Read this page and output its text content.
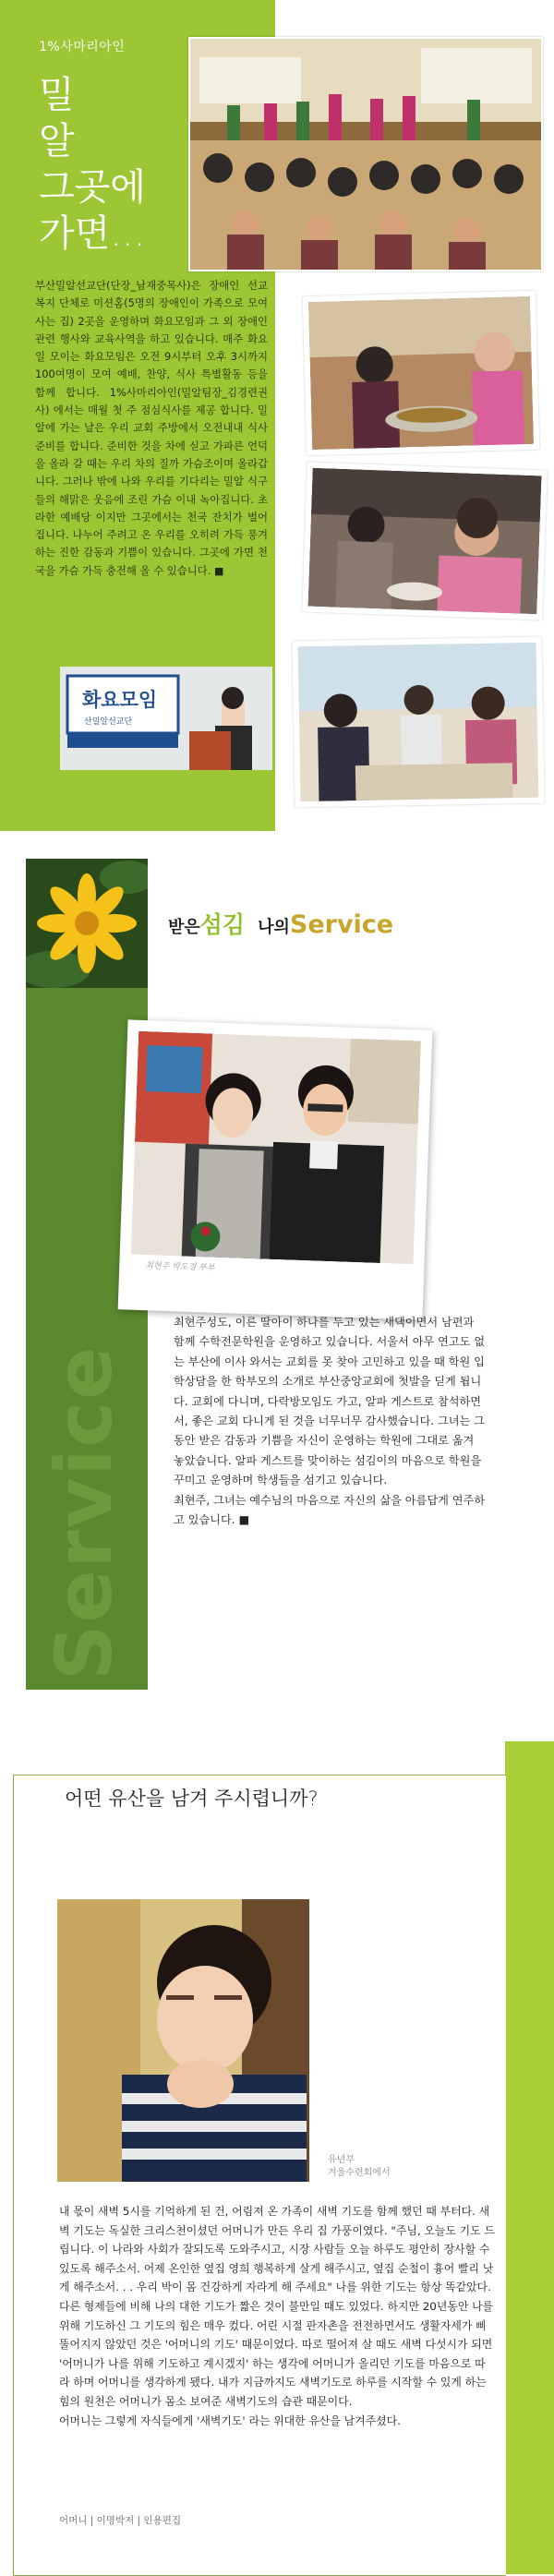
1%사마리아인
밀
알
그곳에
가면...
부산밀알선교단(단장_남재중목사)은 장애인 선교복지 단체로 미션홈(5명의 장애인이 가족으로 모여 사는 집) 2곳을 운영하며 화요모임과 그 외 장애인 관련 행사와 교육사역을 하고 있습니다. 매주 화요일 모이는 화요모임은 오전 9시부터 오후 3시까지 100여명이 모여 예배, 찬양, 식사 특별활동 등을 함께 합니다. 1%사마리아인(밀알팀장_김경련권사) 에서는 매월 첫 주 점심식사를 제공 합니다. 밀알에 가는 날은 우리 교회 주방에서 오전내내 식사 준비를 합니다. 준비한 것을 차에 싣고 가파른 언덕을 올라 갈 때는 우리 차의 질까 가슴조이며 올라갑니다. 그러나 밖에 나와 우리를 기다리는 밀알 식구들의 해맑은 웃음에 조린 가슴 이내 녹아집니다. 초라한 예배당 이지만 그곳에서는 천국 잔치가 벌어집니다. 나누어 주려고 온 우리를 오히려 가득 풍겨 하는 진한 감동과 기쁨이 있습니다. 그곳에 가면 천국을 가슴 가득 충전해 올 수 있습니다. ■
화요모임
산밀알선교단
Service
받은섬김 나의Service
최현주 박도경 부부
최현주성도, 이른 딸아이 하나를 두고 있는 새댁이면서 남편과 함께 수학전문학원을 운영하고 있습니다. 서울서 아무 연고도 없는 부산에 이사 와서는 교회를 못 찾아 고민하고 있을 때 학원 입학상담을 한 학부모의 소개로 부산중앙교회에 첫발을 딛게 됩니다. 교회에 다니며, 다락방모임도 가고, 알파 게스트로 참석하면서, 좋은 교회 다니게 된 것을 너무너무 감사했습니다. 그녀는 그 동안 받은 감동과 기쁨을 자신이 운영하는 학원에 그대로 옮겨 놓았습니다. 알파 게스트를 맞이하는 섬김이의 마음으로 학원을 꾸미고 운영하며 학생들을 섬기고 있습니다.
최현주, 그녀는 예수님의 마음으로 자신의 삶을 아름답게 연주하고 있습니다. ■
어떤 유산을 남겨 주시렵니까?
유년부
겨울수련회에서
내 몫이 새벽 5시를 기억하게 된 건, 어림져 온 가족이 새벽 기도를 함께 했던 때 부터다. 새벽 기도는 독실한 크리스천이셨던 어머니가 만든 우리 집 가풍이였다. "주님, 오늘도 기도 드립니다. 이 나라와 사회가 잘되도록 도와주시고, 시장 사람들 오늘 하루도 평안히 장사할 수 있도록 해주소서. 어제 온인한 옆집 영희 행복하게 살게 해주시고, 옆집 순철이 흉어 빨리 낫게 해주소서. . . 우리 박이 몸 건강하게 자라게 해 주세요" 나를 위한 기도는 항상 똑같았다. 다른 형제들에 비해 나의 대한 기도가 짧은 것이 불만일 때도 있었다. 하지만 20년동안 나를 위해 기도하신 그 기도의 힘은 매우 컸다. 어린 시절 판자촌을 전전하면서도 생활자세가 삐뚤어지지 않았던 것은 '어머니의 기도' 때문이었다. 따로 떨어져 살 때도 새벽 다섯시가 되면 '어머니가 나를 위해 기도하고 계시겠지' 하는 생각에 어머니가 올리던 기도를 마음으로 따라 하며 어머니를 생각하게 됐다. 내가 지금까지도 새벽기도로 하루를 시작할 수 있게 하는 힘의 원천은 어머니가 몸소 보여준 새벽기도의 습관 때문이다.
어머니는 그렇게 자식들에게 '새벽기도' 라는 위대한 유산을 남겨주셨다.
어머니 | 이명박저 | 인용편집
